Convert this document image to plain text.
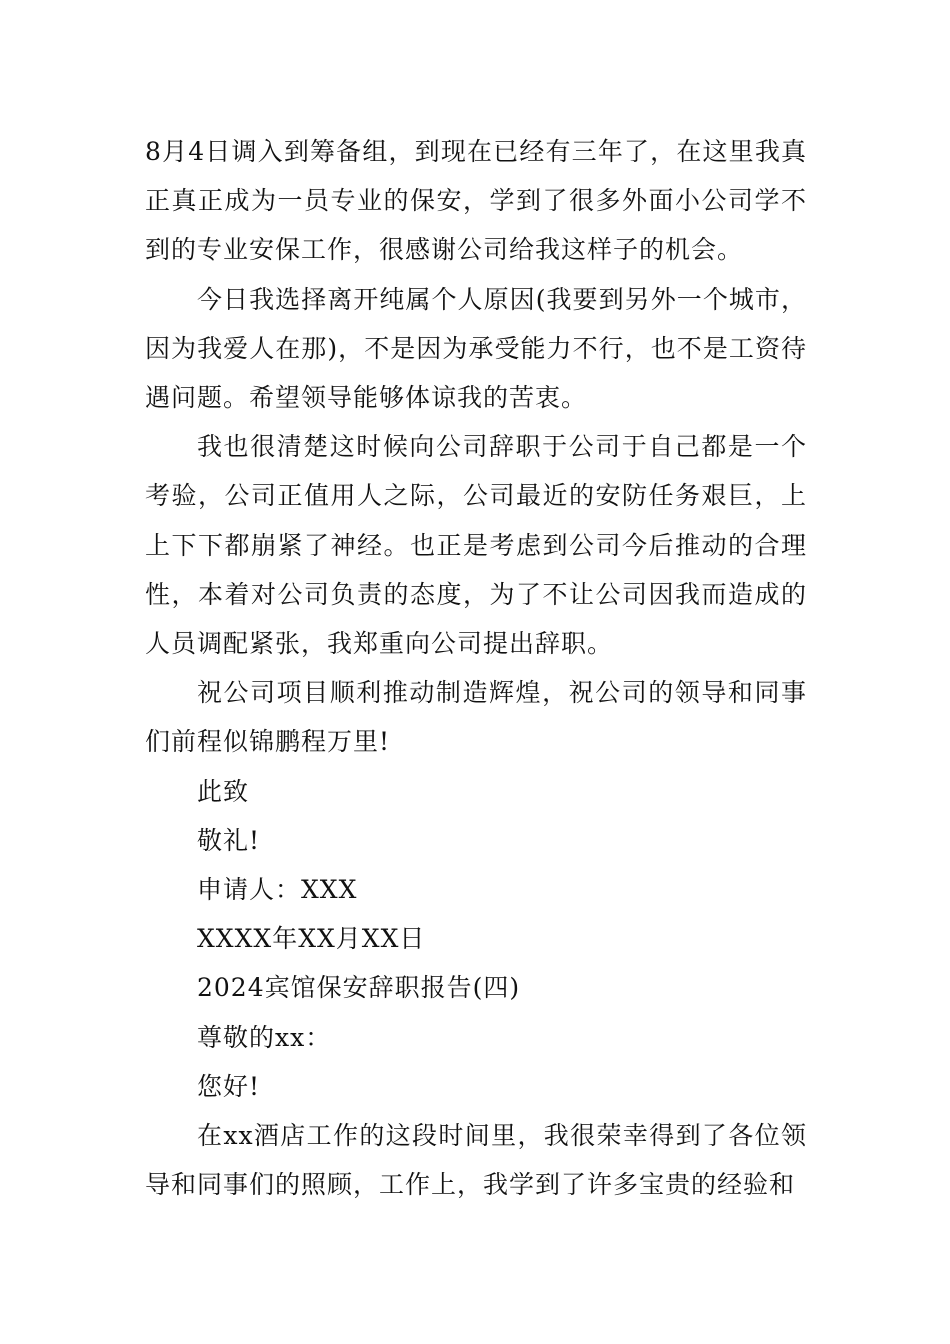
8月4日调入到筹备组，到现在已经有三年了，在这里我真正真正成为一员专业的保安，学到了很多外面小公司学不到的专业安保工作，很感谢公司给我这样子的机会。

今日我选择离开纯属个人原因(我要到另外一个城市，因为我爱人在那)，不是因为承受能力不行，也不是工资待遇问题。希望领导能够体谅我的苦衷。

我也很清楚这时候向公司辞职于公司于自己都是一个考验，公司正值用人之际，公司最近的安防任务艰巨，上上下下都崩紧了神经。也正是考虑到公司今后推动的合理性，本着对公司负责的态度，为了不让公司因我而造成的人员调配紧张，我郑重向公司提出辞职。

祝公司项目顺利推动制造辉煌，祝公司的领导和同事们前程似锦鹏程万里!

此致

敬礼!

申请人：XXX

XXXX年XX月XX日

2024宾馆保安辞职报告(四)

尊敬的xx：

您好!

在xx酒店工作的这段时间里，我很荣幸得到了各位领导和同事们的照顾，工作上，我学到了许多宝贵的经验和
